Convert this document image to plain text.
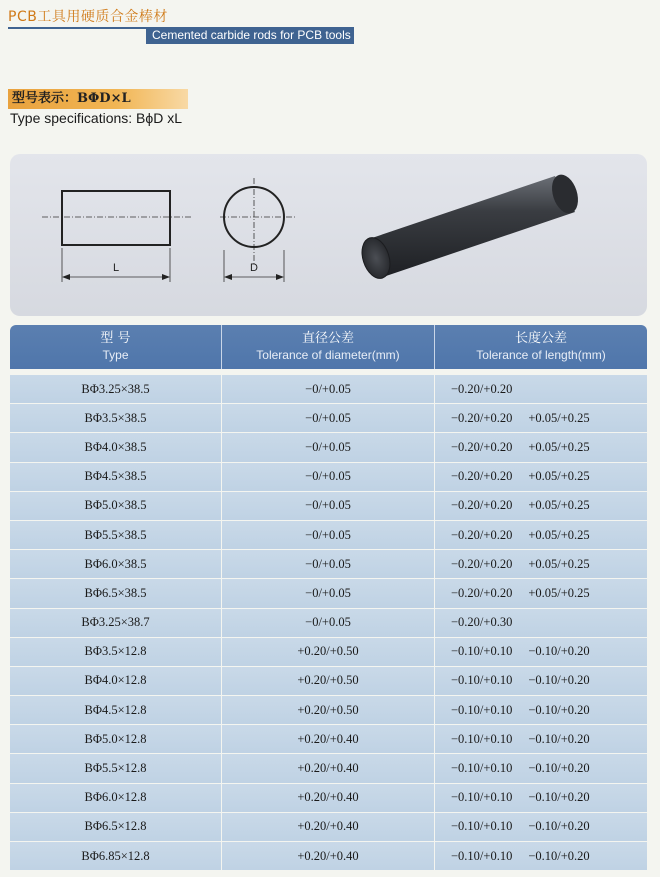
PCB工具用硬质合金棒材
Cemented carbide rods for PCB tools
型号表示：BΦD×L
Type specifications: BϕD xL
L	D
型 号
Type
直径公差
Tolerance of diameter(mm)
长度公差
Tolerance of length(mm)
BΦ3.25×38.5	−0/+0.05	−0.20/+0.20
BΦ3.5×38.5	−0/+0.05	−0.20/+0.20 +0.05/+0.25
BΦ4.0×38.5	−0/+0.05	−0.20/+0.20 +0.05/+0.25
BΦ4.5×38.5	−0/+0.05	−0.20/+0.20 +0.05/+0.25
BΦ5.0×38.5	−0/+0.05	−0.20/+0.20 +0.05/+0.25
BΦ5.5×38.5	−0/+0.05	−0.20/+0.20 +0.05/+0.25
BΦ6.0×38.5	−0/+0.05	−0.20/+0.20 +0.05/+0.25
BΦ6.5×38.5	−0/+0.05	−0.20/+0.20 +0.05/+0.25
BΦ3.25×38.7	−0/+0.05	−0.20/+0.30
BΦ3.5×12.8	+0.20/+0.50	−0.10/+0.10 −0.10/+0.20
BΦ4.0×12.8	+0.20/+0.50	−0.10/+0.10 −0.10/+0.20
BΦ4.5×12.8	+0.20/+0.50	−0.10/+0.10 −0.10/+0.20
BΦ5.0×12.8	+0.20/+0.40	−0.10/+0.10 −0.10/+0.20
BΦ5.5×12.8	+0.20/+0.40	−0.10/+0.10 −0.10/+0.20
BΦ6.0×12.8	+0.20/+0.40	−0.10/+0.10 −0.10/+0.20
BΦ6.5×12.8	+0.20/+0.40	−0.10/+0.10 −0.10/+0.20
BΦ6.85×12.8	+0.20/+0.40	−0.10/+0.10 −0.10/+0.20
